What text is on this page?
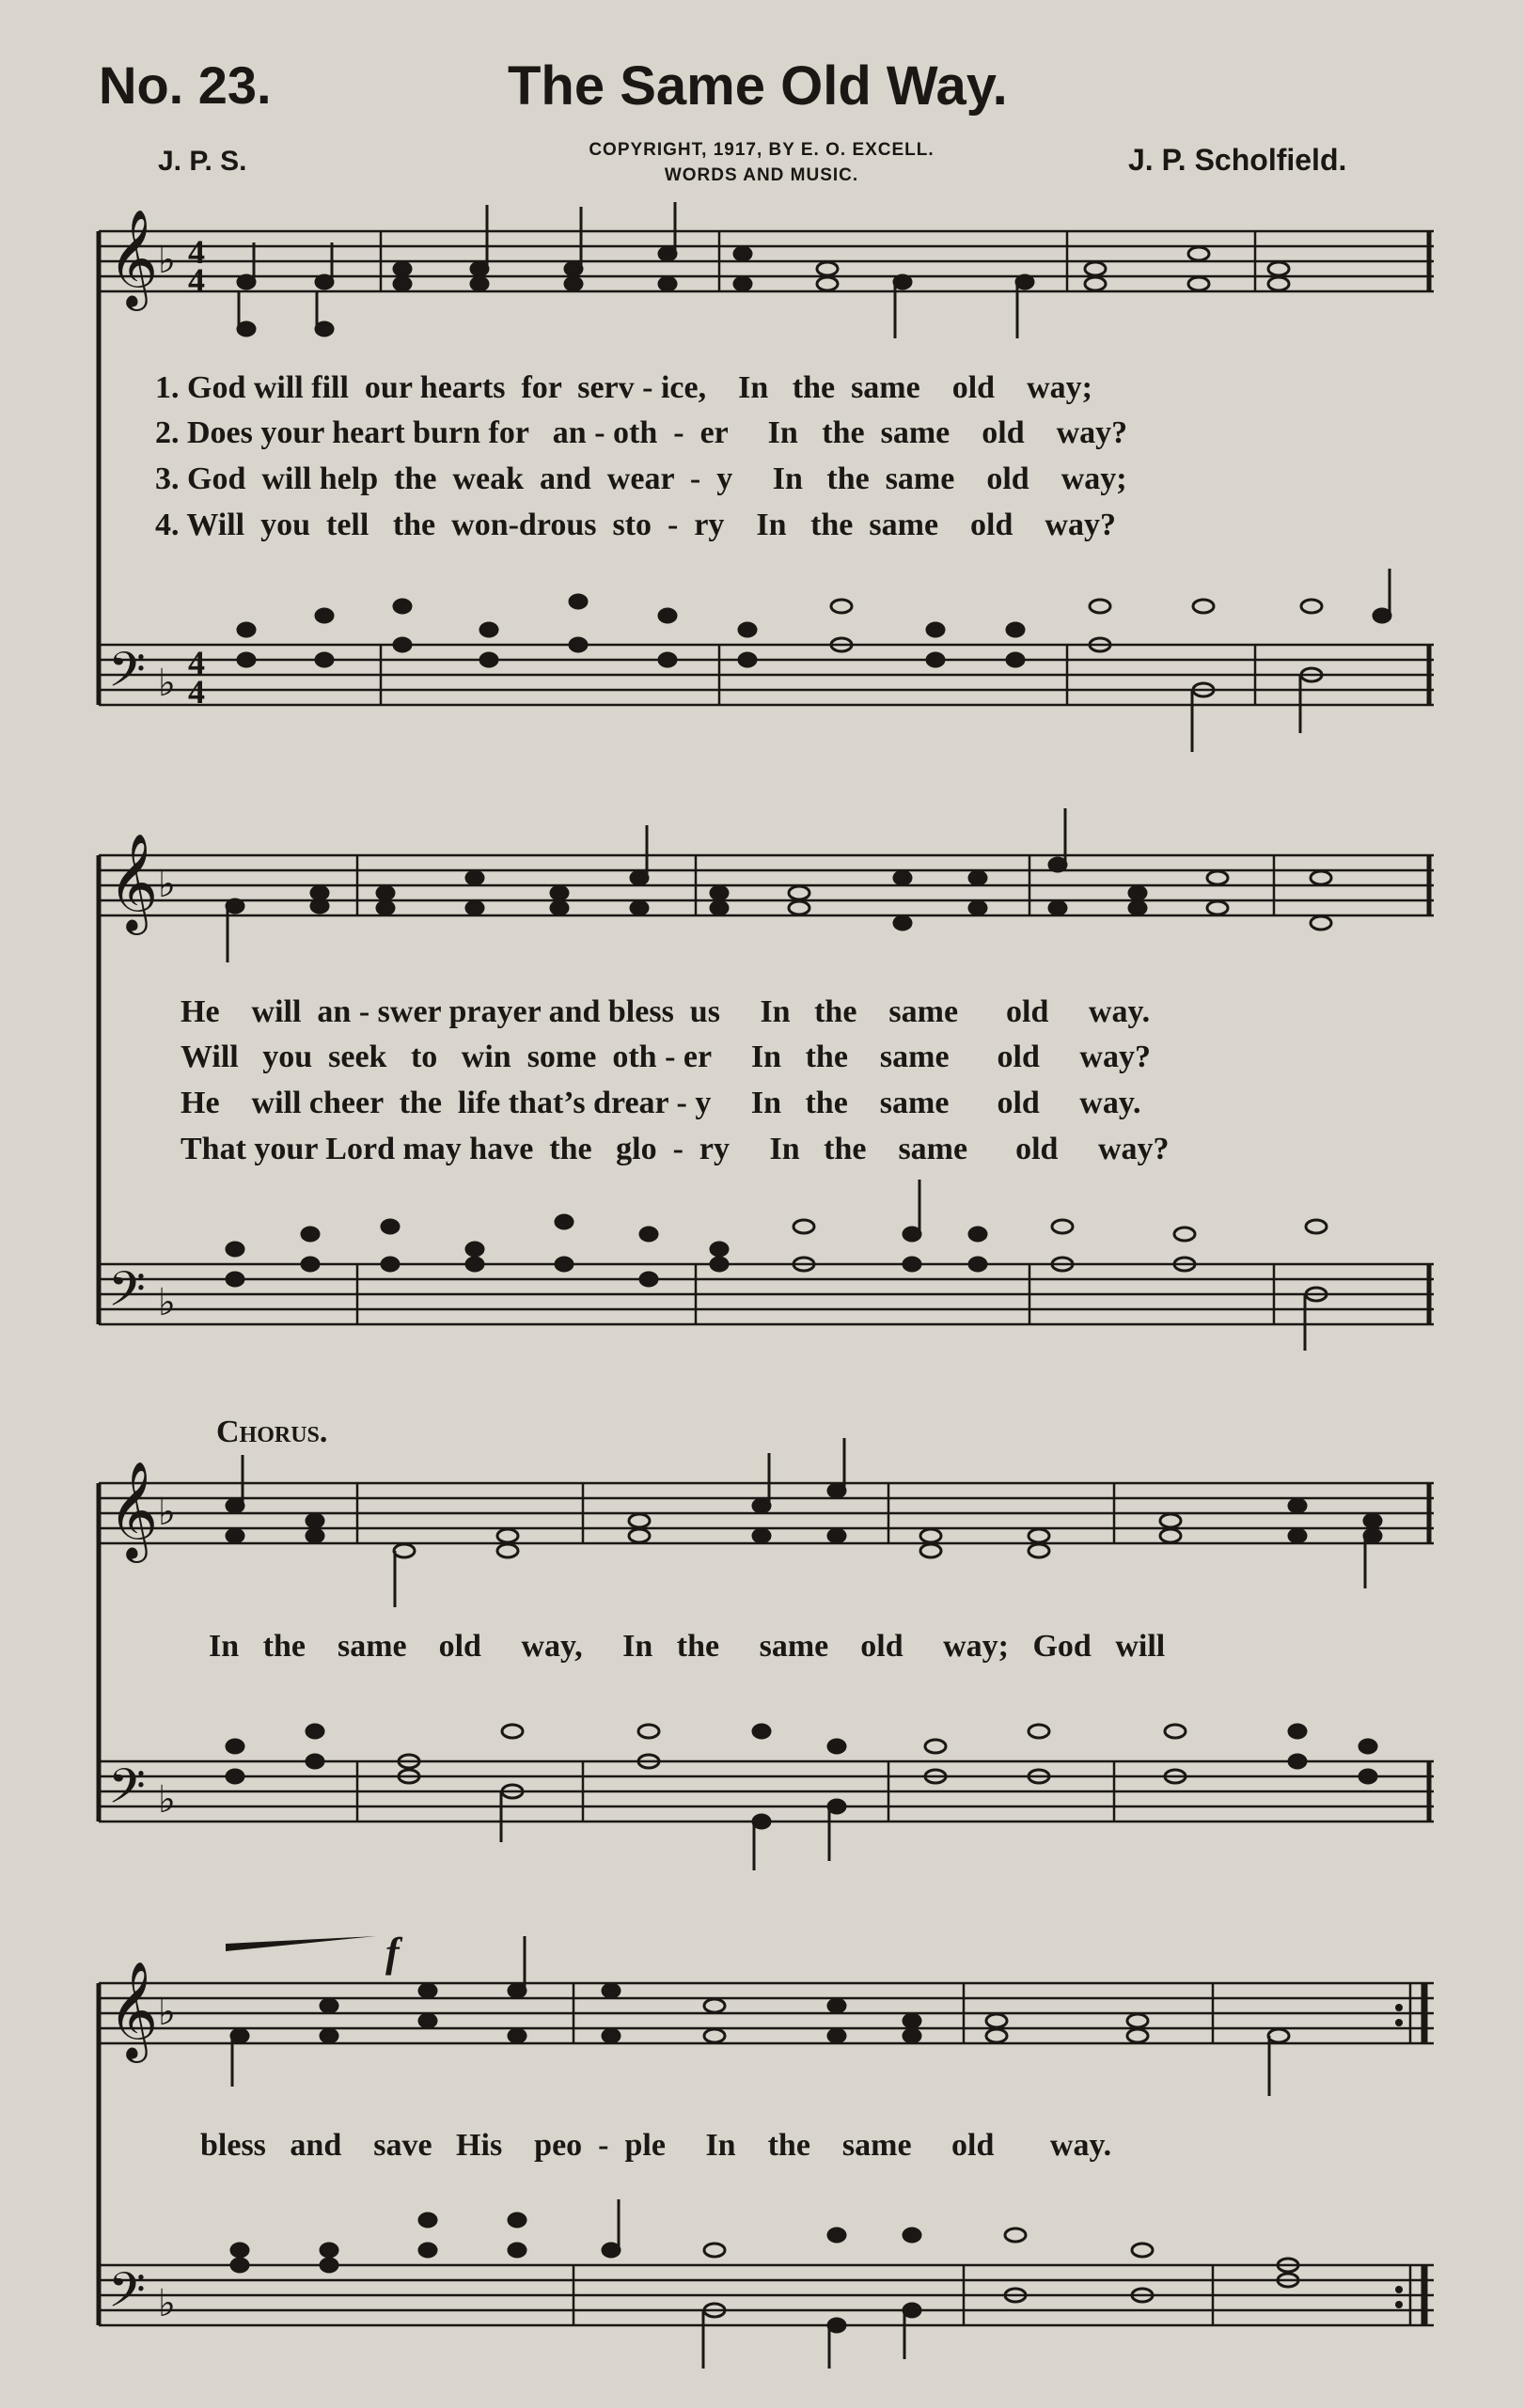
No. 23.	The Same Old Way.
J. P. S.	COPYRIGHT, 1917, BY E. O. EXCELL.
WORDS AND MUSIC.	J. P. Scholfield.
𝄞
𝄢
♭
♭
4
4
4
4
𝄞
𝄢
♭
♭
𝄞
𝄢
♭
♭
𝄞
𝄢
♭
♭
f
1. God will fill  our hearts  for  serv - ice,    In   the  same    old    way;
2. Does your heart burn for   an - oth  -  er     In   the  same    old    way?
3. God  will help  the  weak  and  wear  -  y     In   the  same    old    way;
4. Will  you  tell   the  won-drous  sto  -  ry    In   the  same    old    way?
He    will  an - swer prayer and bless  us     In   the    same      old     way.
Will   you  seek   to   win  some  oth - er     In   the    same      old     way?
He    will cheer  the  life that’s drear - y     In   the    same      old     way.
That your Lord may have  the   glo  -  ry     In   the    same      old     way?
Chorus.
In   the    same    old     way,     In   the     same    old     way;   God   will
bless   and    save   His    peo  -  ple     In    the    same     old       way.
